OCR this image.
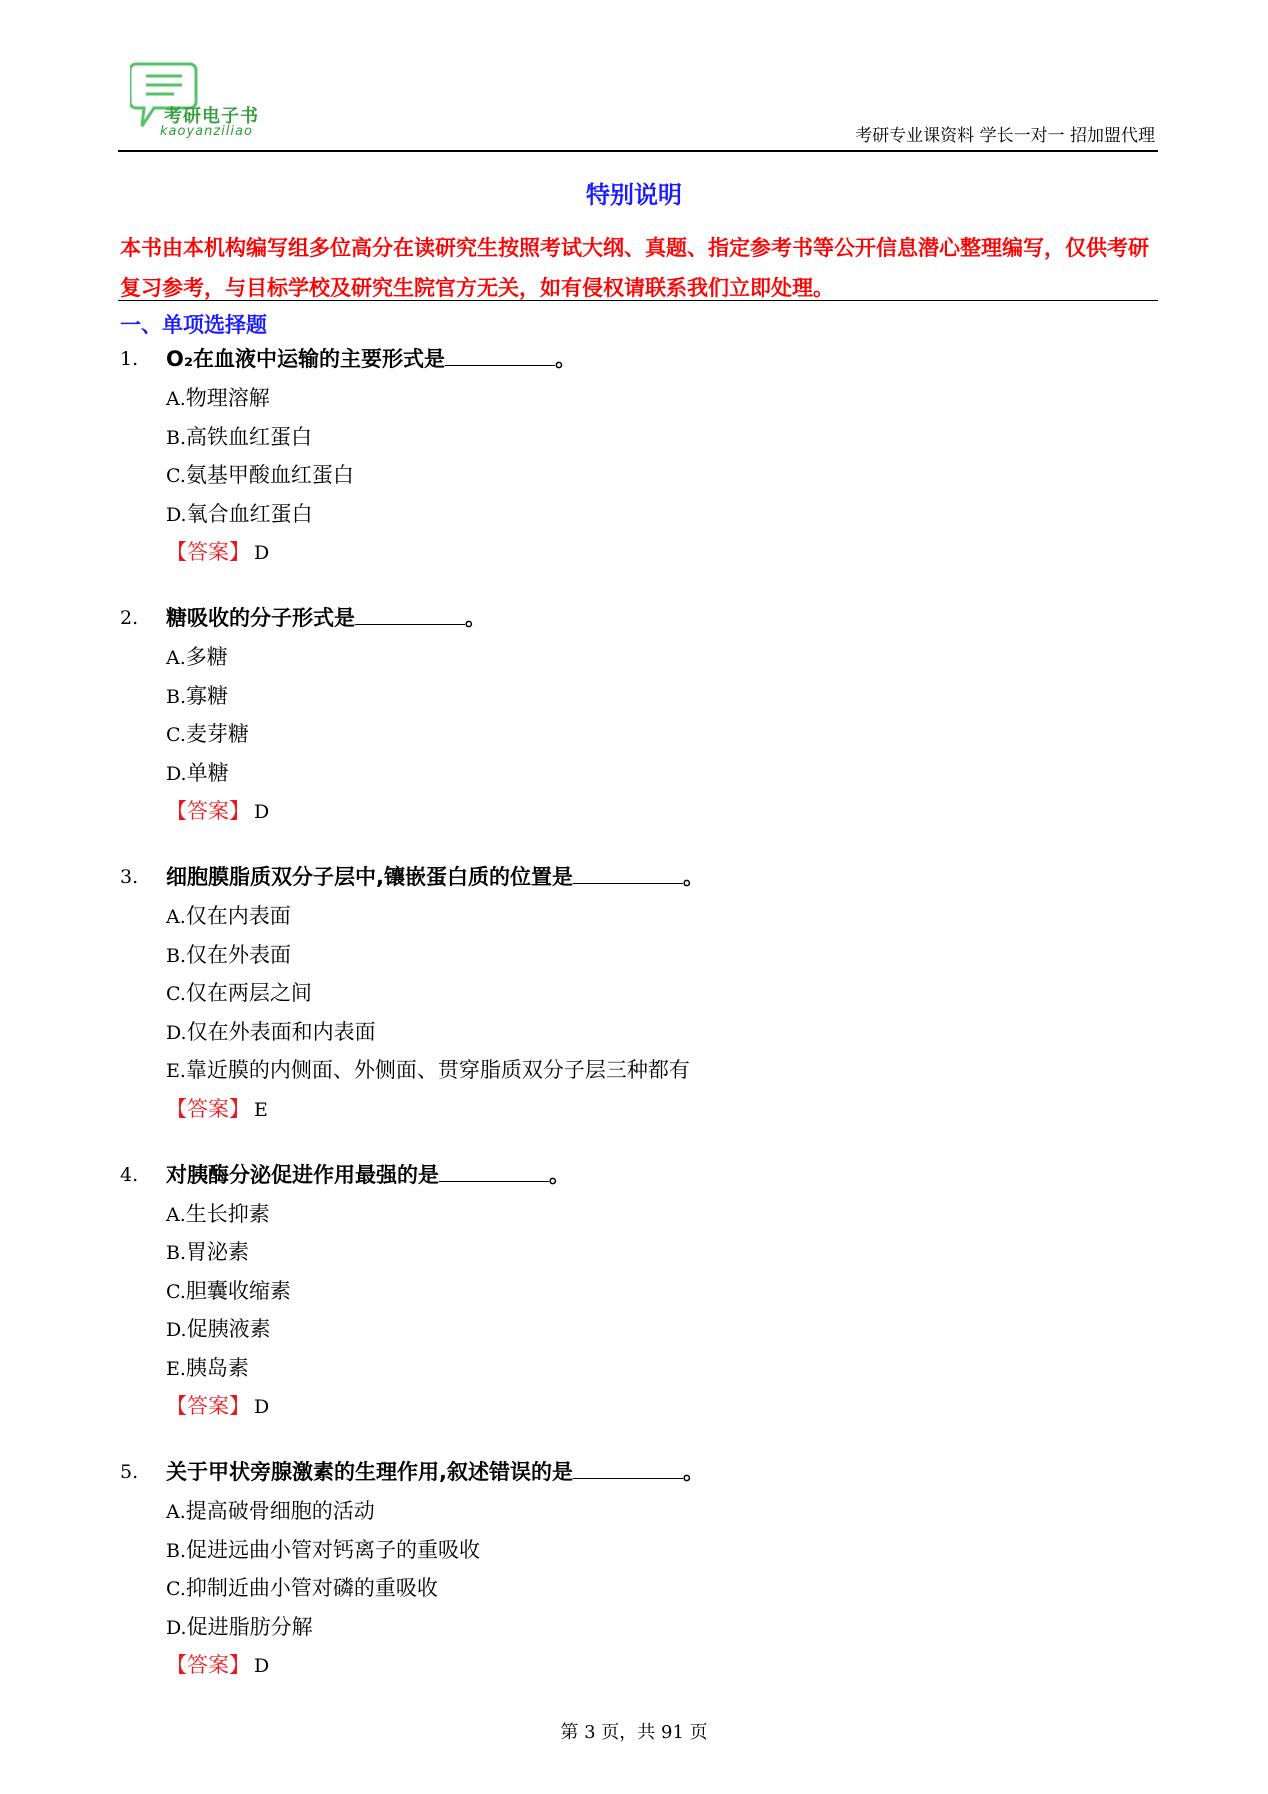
考研电子书
kaoyanziliao	考研专业课资料 学长一对一 招加盟代理
特别说明
本书由本机构编写组多位高分在读研究生按照考试大纲、真题、指定参考书等公开信息潜心整理编写，仅供考研复习参考，与目标学校及研究生院官方无关，如有侵权请联系我们立即处理。
一、单项选择题
1. O₂在血液中运输的主要形式是	。
A.物理溶解
B.高铁血红蛋白
C.氨基甲酸血红蛋白
D.氧合血红蛋白
【答案】 D
2. 糖吸收的分子形式是	。
A.多糖
B.寡糖
C.麦芽糖
D.单糖
【答案】 D
3. 细胞膜脂质双分子层中,镶嵌蛋白质的位置是	。
A.仅在内表面
B.仅在外表面
C.仅在两层之间
D.仅在外表面和内表面
E.靠近膜的内侧面、外侧面、贯穿脂质双分子层三种都有
【答案】 E
4. 对胰酶分泌促进作用最强的是	。
A.生长抑素
B.胃泌素
C.胆囊收缩素
D.促胰液素
E.胰岛素
【答案】 D
5. 关于甲状旁腺激素的生理作用,叙述错误的是	。
A.提高破骨细胞的活动
B.促进远曲小管对钙离子的重吸收
C.抑制近曲小管对磷的重吸收
D.促进脂肪分解
【答案】 D
第 3 页，共 91 页
